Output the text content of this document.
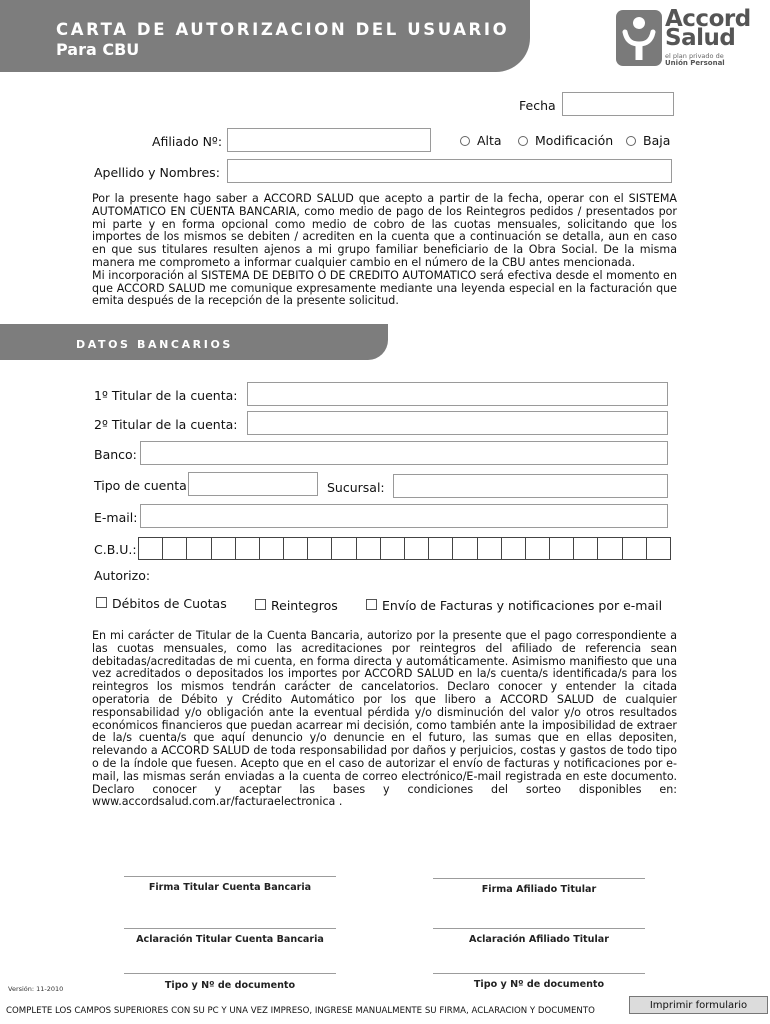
CARTA DE AUTORIZACION DEL USUARIO
Para CBU
Accord
Salud
el plan privado de
Unión Personal
Fecha
Afiliado Nº:	Alta	Modificación Baja
Apellido y Nombres:
Por la presente hago saber a ACCORD SALUD que acepto a partir de la fecha, operar con el SISTEMA AUTOMATICO EN CUENTA BANCARIA, como medio de pago de los Reintegros pedidos / presentados por mi parte y en forma opcional como medio de cobro de las cuotas mensuales, solicitando que los importes de los mismos se debiten / acrediten en la cuenta que a continuación se detalla, aun en caso en que sus titulares resulten ajenos a mi grupo familiar beneficiario de la Obra Social. De la misma manera me comprometo a informar cualquier cambio en el número de la CBU antes mencionada.
Mi incorporación al SISTEMA DE DEBITO O DE CREDITO AUTOMATICO será efectiva desde el momento en que ACCORD SALUD me comunique expresamente mediante una leyenda especial en la facturación que emita después de la recepción de la presente solicitud.
DATOS BANCARIOS
1º Titular de la cuenta:
2º Titular de la cuenta:
Banco:
Tipo de cuenta	Sucursal:
E-mail:
C.B.U.:
Autorizo:
Débitos de Cuotas	Reintegros	Envío de Facturas y notificaciones por e-mail
En mi carácter de Titular de la Cuenta Bancaria, autorizo por la presente que el pago correspondiente a las cuotas mensuales, como las acreditaciones por reintegros del afiliado de referencia sean debitadas/acreditadas de mi cuenta, en forma directa y automáticamente. Asimismo manifiesto que una vez acreditados o depositados los importes por ACCORD SALUD en la/s cuenta/s identificada/s para los reintegros los mismos tendrán carácter de cancelatorios. Declaro conocer y entender la citada operatoria de Débito y Crédito Automático por los que libero a ACCORD SALUD de cualquier responsabilidad y/o obligación ante la eventual pérdida y/o disminución del valor y/o otros resultados económicos financieros que puedan acarrear mi decisión, como también ante la imposibilidad de extraer de la/s cuenta/s que aquí denuncio y/o denuncie en el futuro, las sumas que en ellas depositen, relevando a ACCORD SALUD de toda responsabilidad por daños y perjuicios, costas y gastos de todo tipo o de la índole que fuesen. Acepto que en el caso de autorizar el envío de facturas y notificaciones por e-mail, las mismas serán enviadas a la cuenta de correo electrónico/E-mail registrada en este documento. Declaro conocer y aceptar las bases y condiciones del sorteo disponibles en: www.accordsalud.com.ar/facturaelectronica .
Firma Titular Cuenta Bancaria	Firma Afiliado Titular
Aclaración Titular Cuenta Bancaria	Aclaración Afiliado Titular
Tipo y Nº de documento	Tipo y Nº de documento
Versión: 11-2010
COMPLETE LOS CAMPOS SUPERIORES CON SU PC Y UNA VEZ IMPRESO, INGRESE MANUALMENTE SU FIRMA, ACLARACION Y DOCUMENTO
Imprimir formulario
